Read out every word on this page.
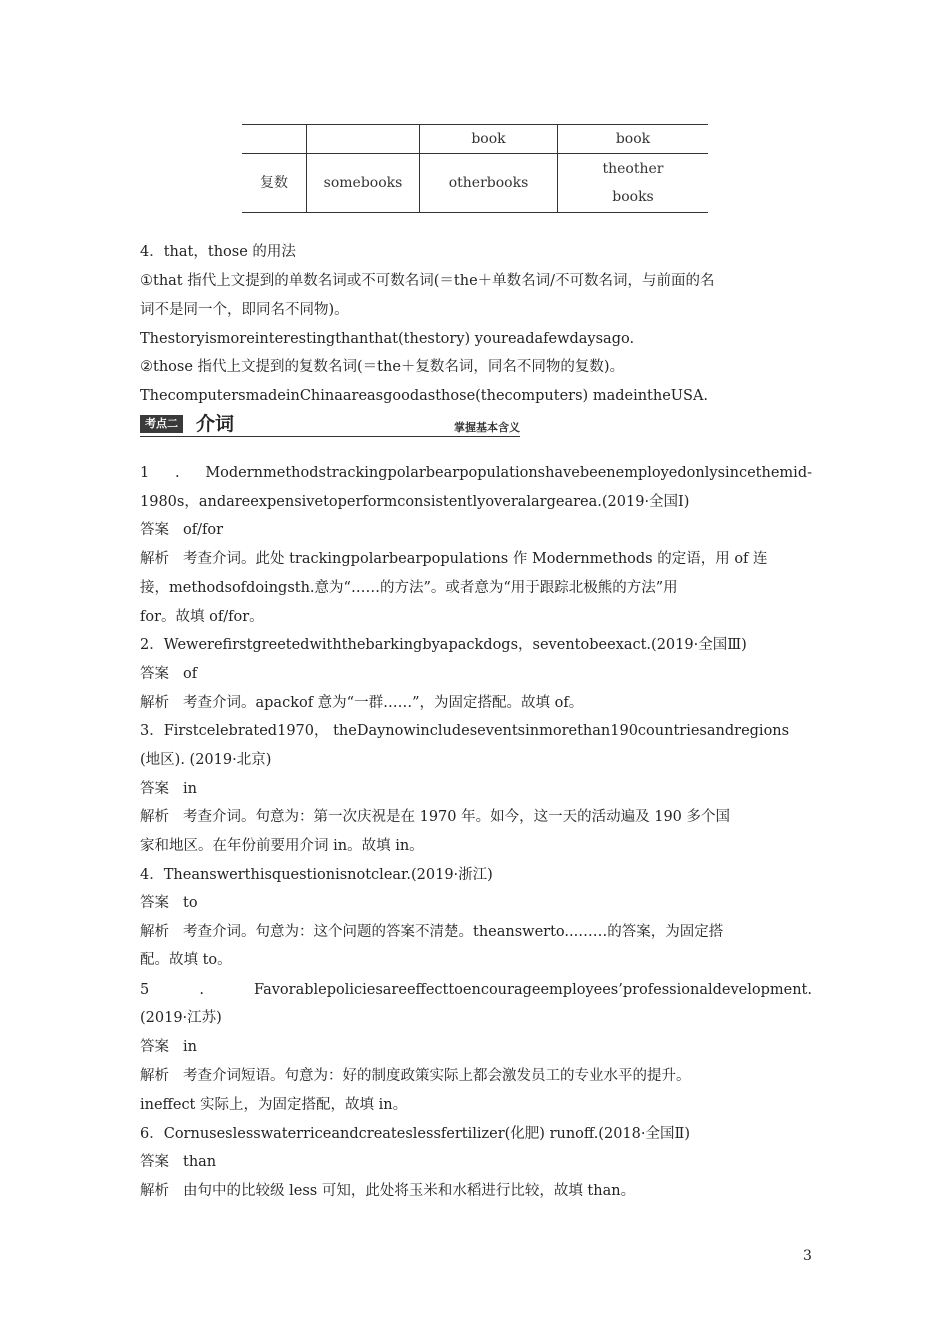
		book	book
复数	somebooks	otherbooks	theother
books

4．that，those 的用法

①that 指代上文提到的单数名词或不可数名词(＝the＋单数名词/不可数名词，与前面的名

词不是同一个，即同名不同物)。

Thestoryismoreinterestingthanthat(thestory) youreadafewdaysago.

②those 指代上文提到的复数名词(＝the＋复数名词，同名不同物的复数)。

ThecomputersmadeinChinaareasgoodasthose(thecomputers) madeintheUSA.

考点二 介词	掌握基本含义
1 . Modernmethodstrackingpolarbearpopulationshavebeenemployedonlysincethemid-

1980s，andareexpensivetoperformconsistentlyoveralargearea.(2019·全国Ⅰ)

答案 of/for

解析 考查介词。此处 trackingpolarbearpopulations 作 Modernmethods 的定语，用 of 连

接，methodsofdoingsth.意为“……的方法”。或者意为“用于跟踪北极熊的方法”用

for。故填 of/for。

2．Wewerefirstgreetedwiththebarkingbyapackdogs，seventobeexact.(2019·全国Ⅲ)

答案 of

解析 考查介词。apackof 意为“一群……”，为固定搭配。故填 of。

3．Firstcelebrated1970， theDaynowincludeseventsinmorethan190countriesandregions

(地区). (2019·北京)

答案 in

解析 考查介词。句意为：第一次庆祝是在 1970 年。如今，这一天的活动遍及 190 多个国

家和地区。在年份前要用介词 in。故填 in。

4．Theanswerthisquestionisnotclear.(2019·浙江)

答案 to

解析 考查介词。句意为：这个问题的答案不清楚。theanswerto...……的答案，为固定搭

配。故填 to。

5	.	Favorablepoliciesareeffecttoencourageemployees’professionaldevelopment.

(2019·江苏)

答案 in

解析 考查介词短语。句意为：好的制度政策实际上都会激发员工的专业水平的提升。

ineffect 实际上，为固定搭配，故填 in。

6．Cornuseslesswaterriceandcreateslessfertilizer(化肥) runoff.(2018·全国Ⅱ)

答案 than

解析 由句中的比较级 less 可知，此处将玉米和水稻进行比较，故填 than。

3
